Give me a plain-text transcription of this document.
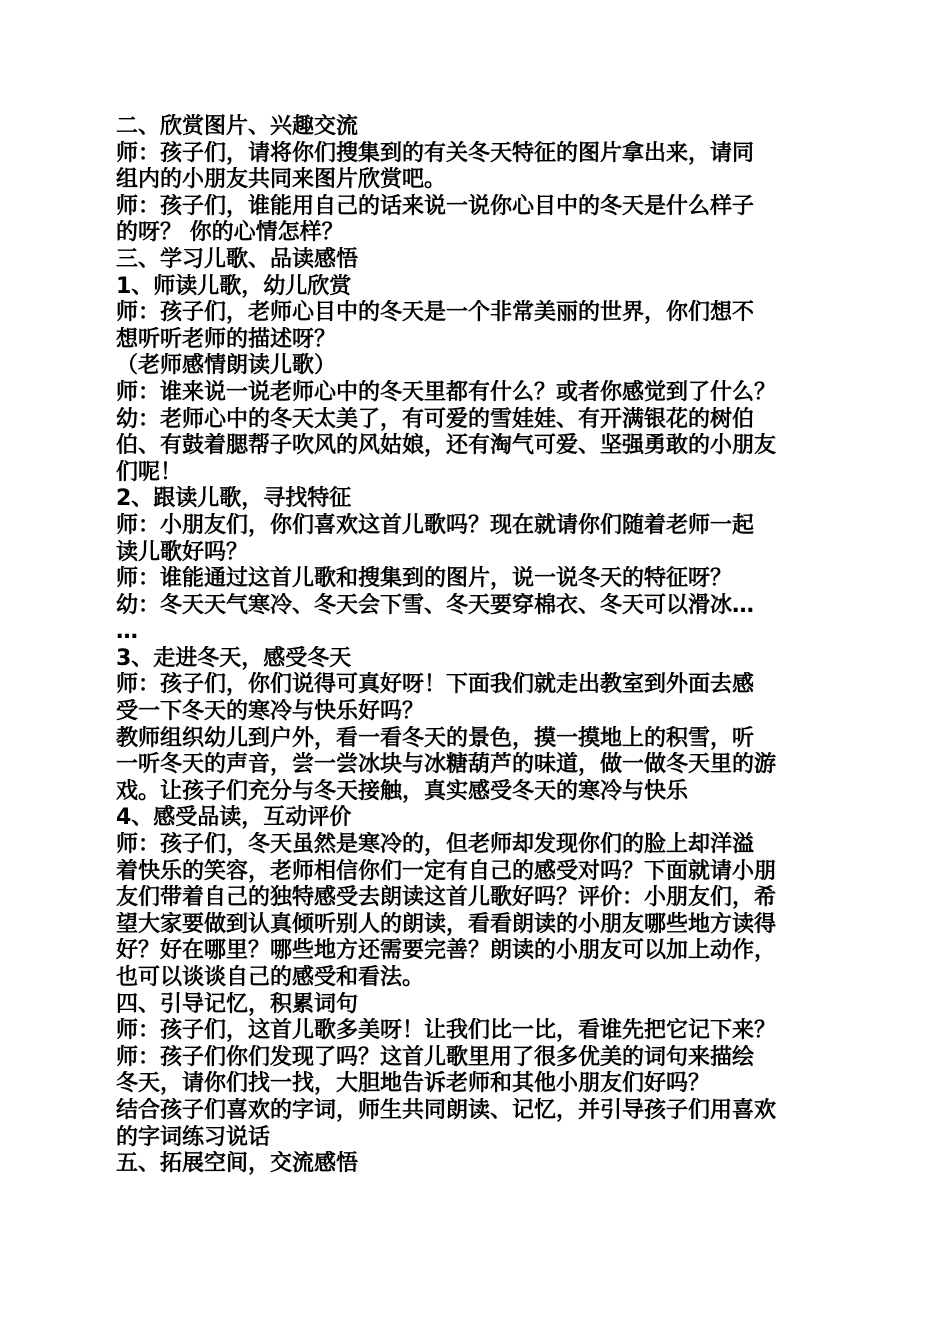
二、欣赏图片、兴趣交流
师：孩子们，请将你们搜集到的有关冬天特征的图片拿出来，请同
组内的小朋友共同来图片欣赏吧。
师：孩子们，谁能用自己的话来说一说你心目中的冬天是什么样子
的呀？ 你的心情怎样？
三、学习儿歌、品读感悟
1、师读儿歌，幼儿欣赏
师：孩子们，老师心目中的冬天是一个非常美丽的世界，你们想不
想听听老师的描述呀？
（老师感情朗读儿歌）
师：谁来说一说老师心中的冬天里都有什么？或者你感觉到了什么？
幼：老师心中的冬天太美了，有可爱的雪娃娃、有开满银花的树伯
伯、有鼓着腮帮子吹风的风姑娘，还有淘气可爱、坚强勇敢的小朋友
们呢！
2、跟读儿歌，寻找特征
师：小朋友们，你们喜欢这首儿歌吗？现在就请你们随着老师一起
读儿歌好吗？
师：谁能通过这首儿歌和搜集到的图片，说一说冬天的特征呀？
幼：冬天天气寒冷、冬天会下雪、冬天要穿棉衣、冬天可以滑冰…
…
3、走进冬天，感受冬天
师：孩子们，你们说得可真好呀！下面我们就走出教室到外面去感
受一下冬天的寒冷与快乐好吗？
教师组织幼儿到户外，看一看冬天的景色，摸一摸地上的积雪，听
一听冬天的声音，尝一尝冰块与冰糖葫芦的味道，做一做冬天里的游
戏。让孩子们充分与冬天接触，真实感受冬天的寒冷与快乐
4、感受品读，互动评价
师：孩子们，冬天虽然是寒冷的，但老师却发现你们的脸上却洋溢
着快乐的笑容，老师相信你们一定有自己的感受对吗？下面就请小朋
友们带着自己的独特感受去朗读这首儿歌好吗？评价：小朋友们，希
望大家要做到认真倾听别人的朗读，看看朗读的小朋友哪些地方读得
好？好在哪里？哪些地方还需要完善？朗读的小朋友可以加上动作，
也可以谈谈自己的感受和看法。
四、引导记忆，积累词句
师：孩子们，这首儿歌多美呀！让我们比一比，看谁先把它记下来？
师：孩子们你们发现了吗？这首儿歌里用了很多优美的词句来描绘
冬天，请你们找一找，大胆地告诉老师和其他小朋友们好吗？
结合孩子们喜欢的字词，师生共同朗读、记忆，并引导孩子们用喜欢
的字词练习说话
五、拓展空间，交流感悟
